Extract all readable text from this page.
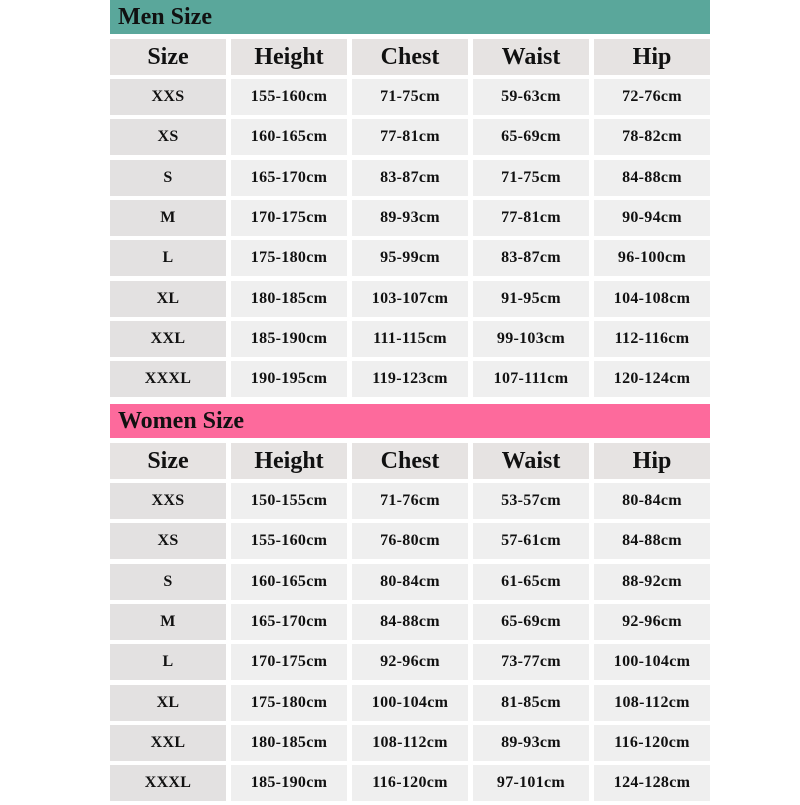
Men Size
Size	Height	Chest	Waist	Hip
XXS	155-160cm	71-75cm	59-63cm	72-76cm
XS	160-165cm	77-81cm	65-69cm	78-82cm
S	165-170cm	83-87cm	71-75cm	84-88cm
M	170-175cm	89-93cm	77-81cm	90-94cm
L	175-180cm	95-99cm	83-87cm	96-100cm
XL	180-185cm	103-107cm	91-95cm	104-108cm
XXL	185-190cm	111-115cm	99-103cm	112-116cm
XXXL	190-195cm	119-123cm	107-111cm	120-124cm
Women Size
Size	Height	Chest	Waist	Hip
XXS	150-155cm	71-76cm	53-57cm	80-84cm
XS	155-160cm	76-80cm	57-61cm	84-88cm
S	160-165cm	80-84cm	61-65cm	88-92cm
M	165-170cm	84-88cm	65-69cm	92-96cm
L	170-175cm	92-96cm	73-77cm	100-104cm
XL	175-180cm	100-104cm	81-85cm	108-112cm
XXL	180-185cm	108-112cm	89-93cm	116-120cm
XXXL	185-190cm	116-120cm	97-101cm	124-128cm
